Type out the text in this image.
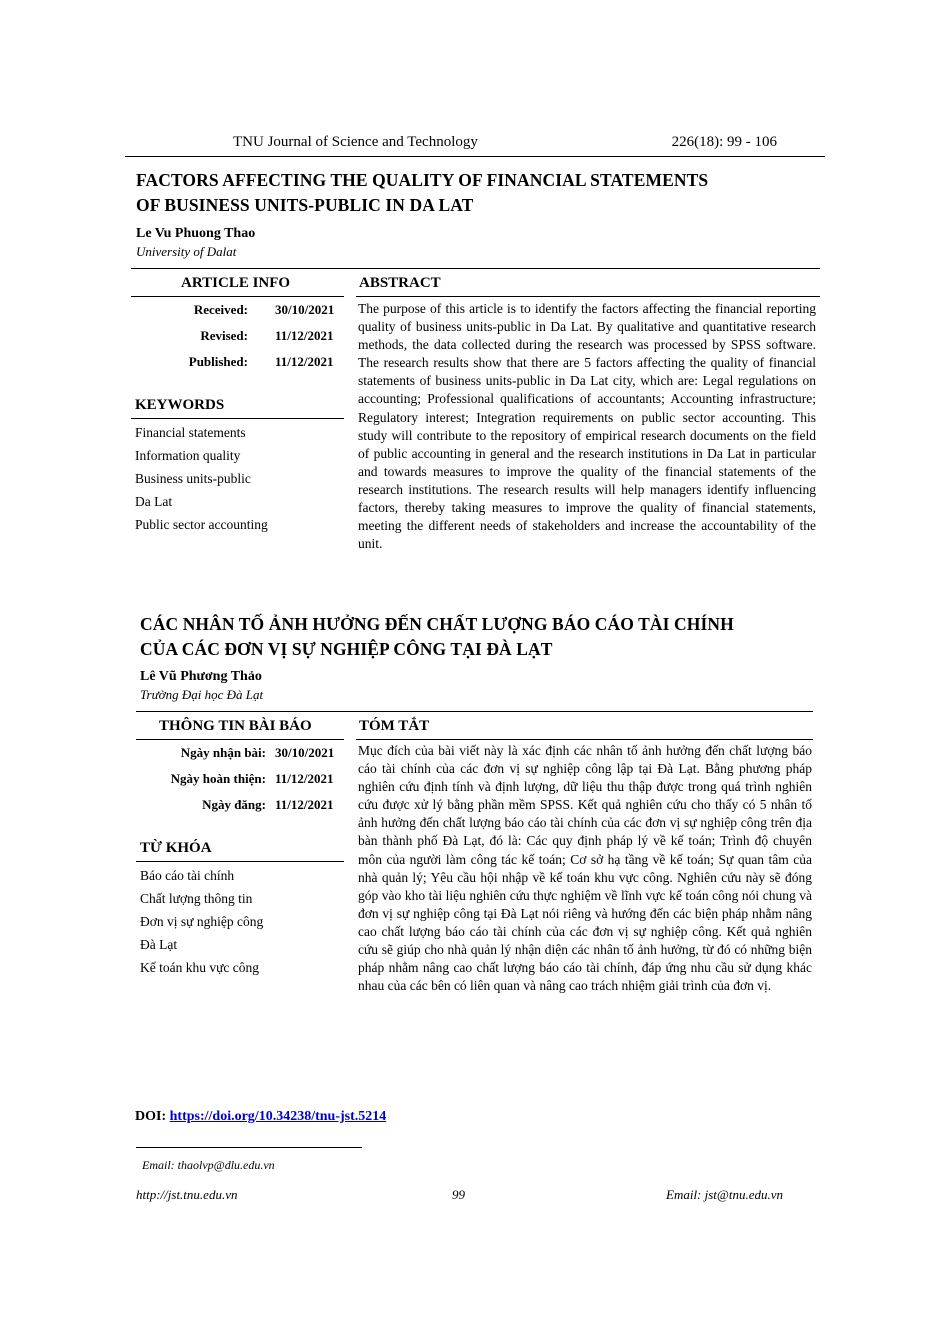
TNU Journal of Science and Technology	226(18): 99 - 106
FACTORS AFFECTING THE QUALITY OF FINANCIAL STATEMENTS
OF BUSINESS UNITS-PUBLIC IN DA LAT
Le Vu Phuong Thao
University of Dalat
ARTICLE INFO	ABSTRACT
Received: 30/10/2021
Revised: 11/12/2021
Published: 11/12/2021
KEYWORDS
Financial statements
Information quality
Business units-public
Da Lat
Public sector accounting
The purpose of this article is to identify the factors affecting the financial reporting quality of business units-public in Da Lat. By qualitative and quantitative research methods, the data collected during the research was processed by SPSS software. The research results show that there are 5 factors affecting the quality of financial statements of business units-public in Da Lat city, which are: Legal regulations on accounting; Professional qualifications of accountants; Accounting infrastructure; Regulatory interest; Integration requirements on public sector accounting. This study will contribute to the repository of empirical research documents on the field of public accounting in general and the research institutions in Da Lat in particular and towards measures to improve the quality of the financial statements of the research institutions. The research results will help managers identify influencing factors, thereby taking measures to improve the quality of financial statements, meeting the different needs of stakeholders and increase the accountability of the unit.
CÁC NHÂN TỐ ẢNH HƯỞNG ĐẾN CHẤT LƯỢNG BÁO CÁO TÀI CHÍNH
CỦA CÁC ĐƠN VỊ SỰ NGHIỆP CÔNG TẠI ĐÀ LẠT
Lê Vũ Phương Thảo
Trường Đại học Đà Lạt
THÔNG TIN BÀI BÁO	TÓM TẮT
Ngày nhận bài: 30/10/2021
Ngày hoàn thiện: 11/12/2021
Ngày đăng: 11/12/2021
TỪ KHÓA
Báo cáo tài chính
Chất lượng thông tin
Đơn vị sự nghiệp công
Đà Lạt
Kế toán khu vực công
Mục đích của bài viết này là xác định các nhân tố ảnh hưởng đến chất lượng báo cáo tài chính của các đơn vị sự nghiệp công lập tại Đà Lạt. Bằng phương pháp nghiên cứu định tính và định lượng, dữ liệu thu thập được trong quá trình nghiên cứu được xử lý bằng phần mềm SPSS. Kết quả nghiên cứu cho thấy có 5 nhân tố ảnh hưởng đến chất lượng báo cáo tài chính của các đơn vị sự nghiệp công trên địa bàn thành phố Đà Lạt, đó là: Các quy định pháp lý về kế toán; Trình độ chuyên môn của người làm công tác kế toán; Cơ sở hạ tầng về kế toán; Sự quan tâm của nhà quản lý; Yêu cầu hội nhập về kế toán khu vực công. Nghiên cứu này sẽ đóng góp vào kho tài liệu nghiên cứu thực nghiệm về lĩnh vực kế toán công nói chung và đơn vị sự nghiệp công tại Đà Lạt nói riêng và hướng đến các biện pháp nhằm nâng cao chất lượng báo cáo tài chính của các đơn vị sự nghiệp công. Kết quả nghiên cứu sẽ giúp cho nhà quản lý nhận diện các nhân tố ảnh hưởng, từ đó có những biện pháp nhằm nâng cao chất lượng báo cáo tài chính, đáp ứng nhu cầu sử dụng khác nhau của các bên có liên quan và nâng cao trách nhiệm giải trình của đơn vị.
DOI: https://doi.org/10.34238/tnu-jst.5214
Email: thaolvp@dlu.edu.vn
http://jst.tnu.edu.vn	99	Email: jst@tnu.edu.vn
